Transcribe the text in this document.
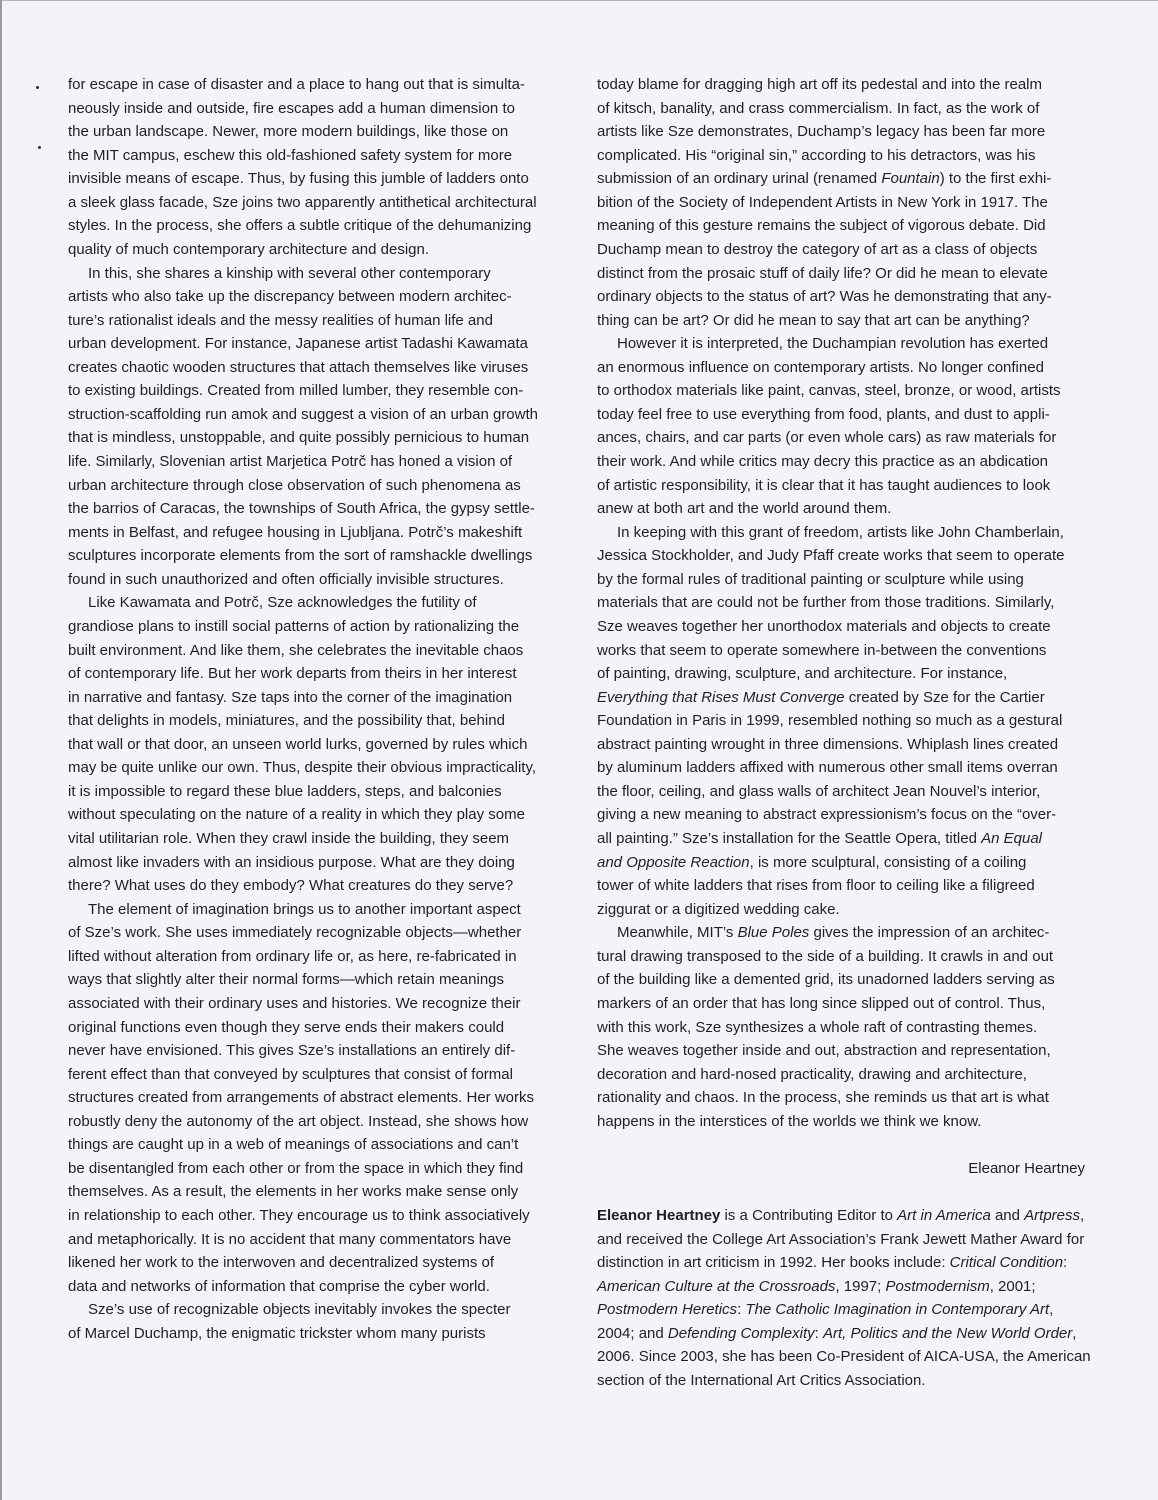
for escape in case of disaster and a place to hang out that is simulta-
neously inside and outside, fire escapes add a human dimension to
the urban landscape. Newer, more modern buildings, like those on
the MIT campus, eschew this old-fashioned safety system for more
invisible means of escape. Thus, by fusing this jumble of ladders onto
a sleek glass facade, Sze joins two apparently antithetical architectural
styles. In the process, she offers a subtle critique of the dehumanizing
quality of much contemporary architecture and design.
In this, she shares a kinship with several other contemporary
artists who also take up the discrepancy between modern architec-
ture’s rationalist ideals and the messy realities of human life and
urban development. For instance, Japanese artist Tadashi Kawamata
creates chaotic wooden structures that attach themselves like viruses
to existing buildings. Created from milled lumber, they resemble con-
struction-scaffolding run amok and suggest a vision of an urban growth
that is mindless, unstoppable, and quite possibly pernicious to human
life. Similarly, Slovenian artist Marjetica Potrč has honed a vision of
urban architecture through close observation of such phenomena as
the barrios of Caracas, the townships of South Africa, the gypsy settle-
ments in Belfast, and refugee housing in Ljubljana. Potrč’s makeshift
sculptures incorporate elements from the sort of ramshackle dwellings
found in such unauthorized and often officially invisible structures.
Like Kawamata and Potrč, Sze acknowledges the futility of
grandiose plans to instill social patterns of action by rationalizing the
built environment. And like them, she celebrates the inevitable chaos
of contemporary life. But her work departs from theirs in her interest
in narrative and fantasy. Sze taps into the corner of the imagination
that delights in models, miniatures, and the possibility that, behind
that wall or that door, an unseen world lurks, governed by rules which
may be quite unlike our own. Thus, despite their obvious impracticality,
it is impossible to regard these blue ladders, steps, and balconies
without speculating on the nature of a reality in which they play some
vital utilitarian role. When they crawl inside the building, they seem
almost like invaders with an insidious purpose. What are they doing
there? What uses do they embody? What creatures do they serve?
The element of imagination brings us to another important aspect
of Sze’s work. She uses immediately recognizable objects—whether
lifted without alteration from ordinary life or, as here, re-fabricated in
ways that slightly alter their normal forms—which retain meanings
associated with their ordinary uses and histories. We recognize their
original functions even though they serve ends their makers could
never have envisioned. This gives Sze’s installations an entirely dif-
ferent effect than that conveyed by sculptures that consist of formal
structures created from arrangements of abstract elements. Her works
robustly deny the autonomy of the art object. Instead, she shows how
things are caught up in a web of meanings of associations and can’t
be disentangled from each other or from the space in which they find
themselves. As a result, the elements in her works make sense only
in relationship to each other. They encourage us to think associatively
and metaphorically. It is no accident that many commentators have
likened her work to the interwoven and decentralized systems of
data and networks of information that comprise the cyber world.
Sze’s use of recognizable objects inevitably invokes the specter
of Marcel Duchamp, the enigmatic trickster whom many purists
today blame for dragging high art off its pedestal and into the realm
of kitsch, banality, and crass commercialism. In fact, as the work of
artists like Sze demonstrates, Duchamp’s legacy has been far more
complicated. His “original sin,” according to his detractors, was his
submission of an ordinary urinal (renamed Fountain) to the first exhi-
bition of the Society of Independent Artists in New York in 1917. The
meaning of this gesture remains the subject of vigorous debate. Did
Duchamp mean to destroy the category of art as a class of objects
distinct from the prosaic stuff of daily life? Or did he mean to elevate
ordinary objects to the status of art? Was he demonstrating that any-
thing can be art? Or did he mean to say that art can be anything?
However it is interpreted, the Duchampian revolution has exerted
an enormous influence on contemporary artists. No longer confined
to orthodox materials like paint, canvas, steel, bronze, or wood, artists
today feel free to use everything from food, plants, and dust to appli-
ances, chairs, and car parts (or even whole cars) as raw materials for
their work. And while critics may decry this practice as an abdication
of artistic responsibility, it is clear that it has taught audiences to look
anew at both art and the world around them.
In keeping with this grant of freedom, artists like John Chamberlain,
Jessica Stockholder, and Judy Pfaff create works that seem to operate
by the formal rules of traditional painting or sculpture while using
materials that are could not be further from those traditions. Similarly,
Sze weaves together her unorthodox materials and objects to create
works that seem to operate somewhere in-between the conventions
of painting, drawing, sculpture, and architecture. For instance,
Everything that Rises Must Converge created by Sze for the Cartier
Foundation in Paris in 1999, resembled nothing so much as a gestural
abstract painting wrought in three dimensions. Whiplash lines created
by aluminum ladders affixed with numerous other small items overran
the floor, ceiling, and glass walls of architect Jean Nouvel’s interior,
giving a new meaning to abstract expressionism’s focus on the “over-
all painting.” Sze’s installation for the Seattle Opera, titled An Equal
and Opposite Reaction, is more sculptural, consisting of a coiling
tower of white ladders that rises from floor to ceiling like a filigreed
ziggurat or a digitized wedding cake.
Meanwhile, MIT’s Blue Poles gives the impression of an architec-
tural drawing transposed to the side of a building. It crawls in and out
of the building like a demented grid, its unadorned ladders serving as
markers of an order that has long since slipped out of control. Thus,
with this work, Sze synthesizes a whole raft of contrasting themes.
She weaves together inside and out, abstraction and representation,
decoration and hard-nosed practicality, drawing and architecture,
rationality and chaos. In the process, she reminds us that art is what
happens in the interstices of the worlds we think we know.
Eleanor Heartney
Eleanor Heartney is a Contributing Editor to Art in America and Artpress,
and received the College Art Association’s Frank Jewett Mather Award for
distinction in art criticism in 1992. Her books include: Critical Condition:
American Culture at the Crossroads, 1997; Postmodernism, 2001;
Postmodern Heretics: The Catholic Imagination in Contemporary Art,
2004; and Defending Complexity: Art, Politics and the New World Order,
2006. Since 2003, she has been Co-President of AICA-USA, the American
section of the International Art Critics Association.
